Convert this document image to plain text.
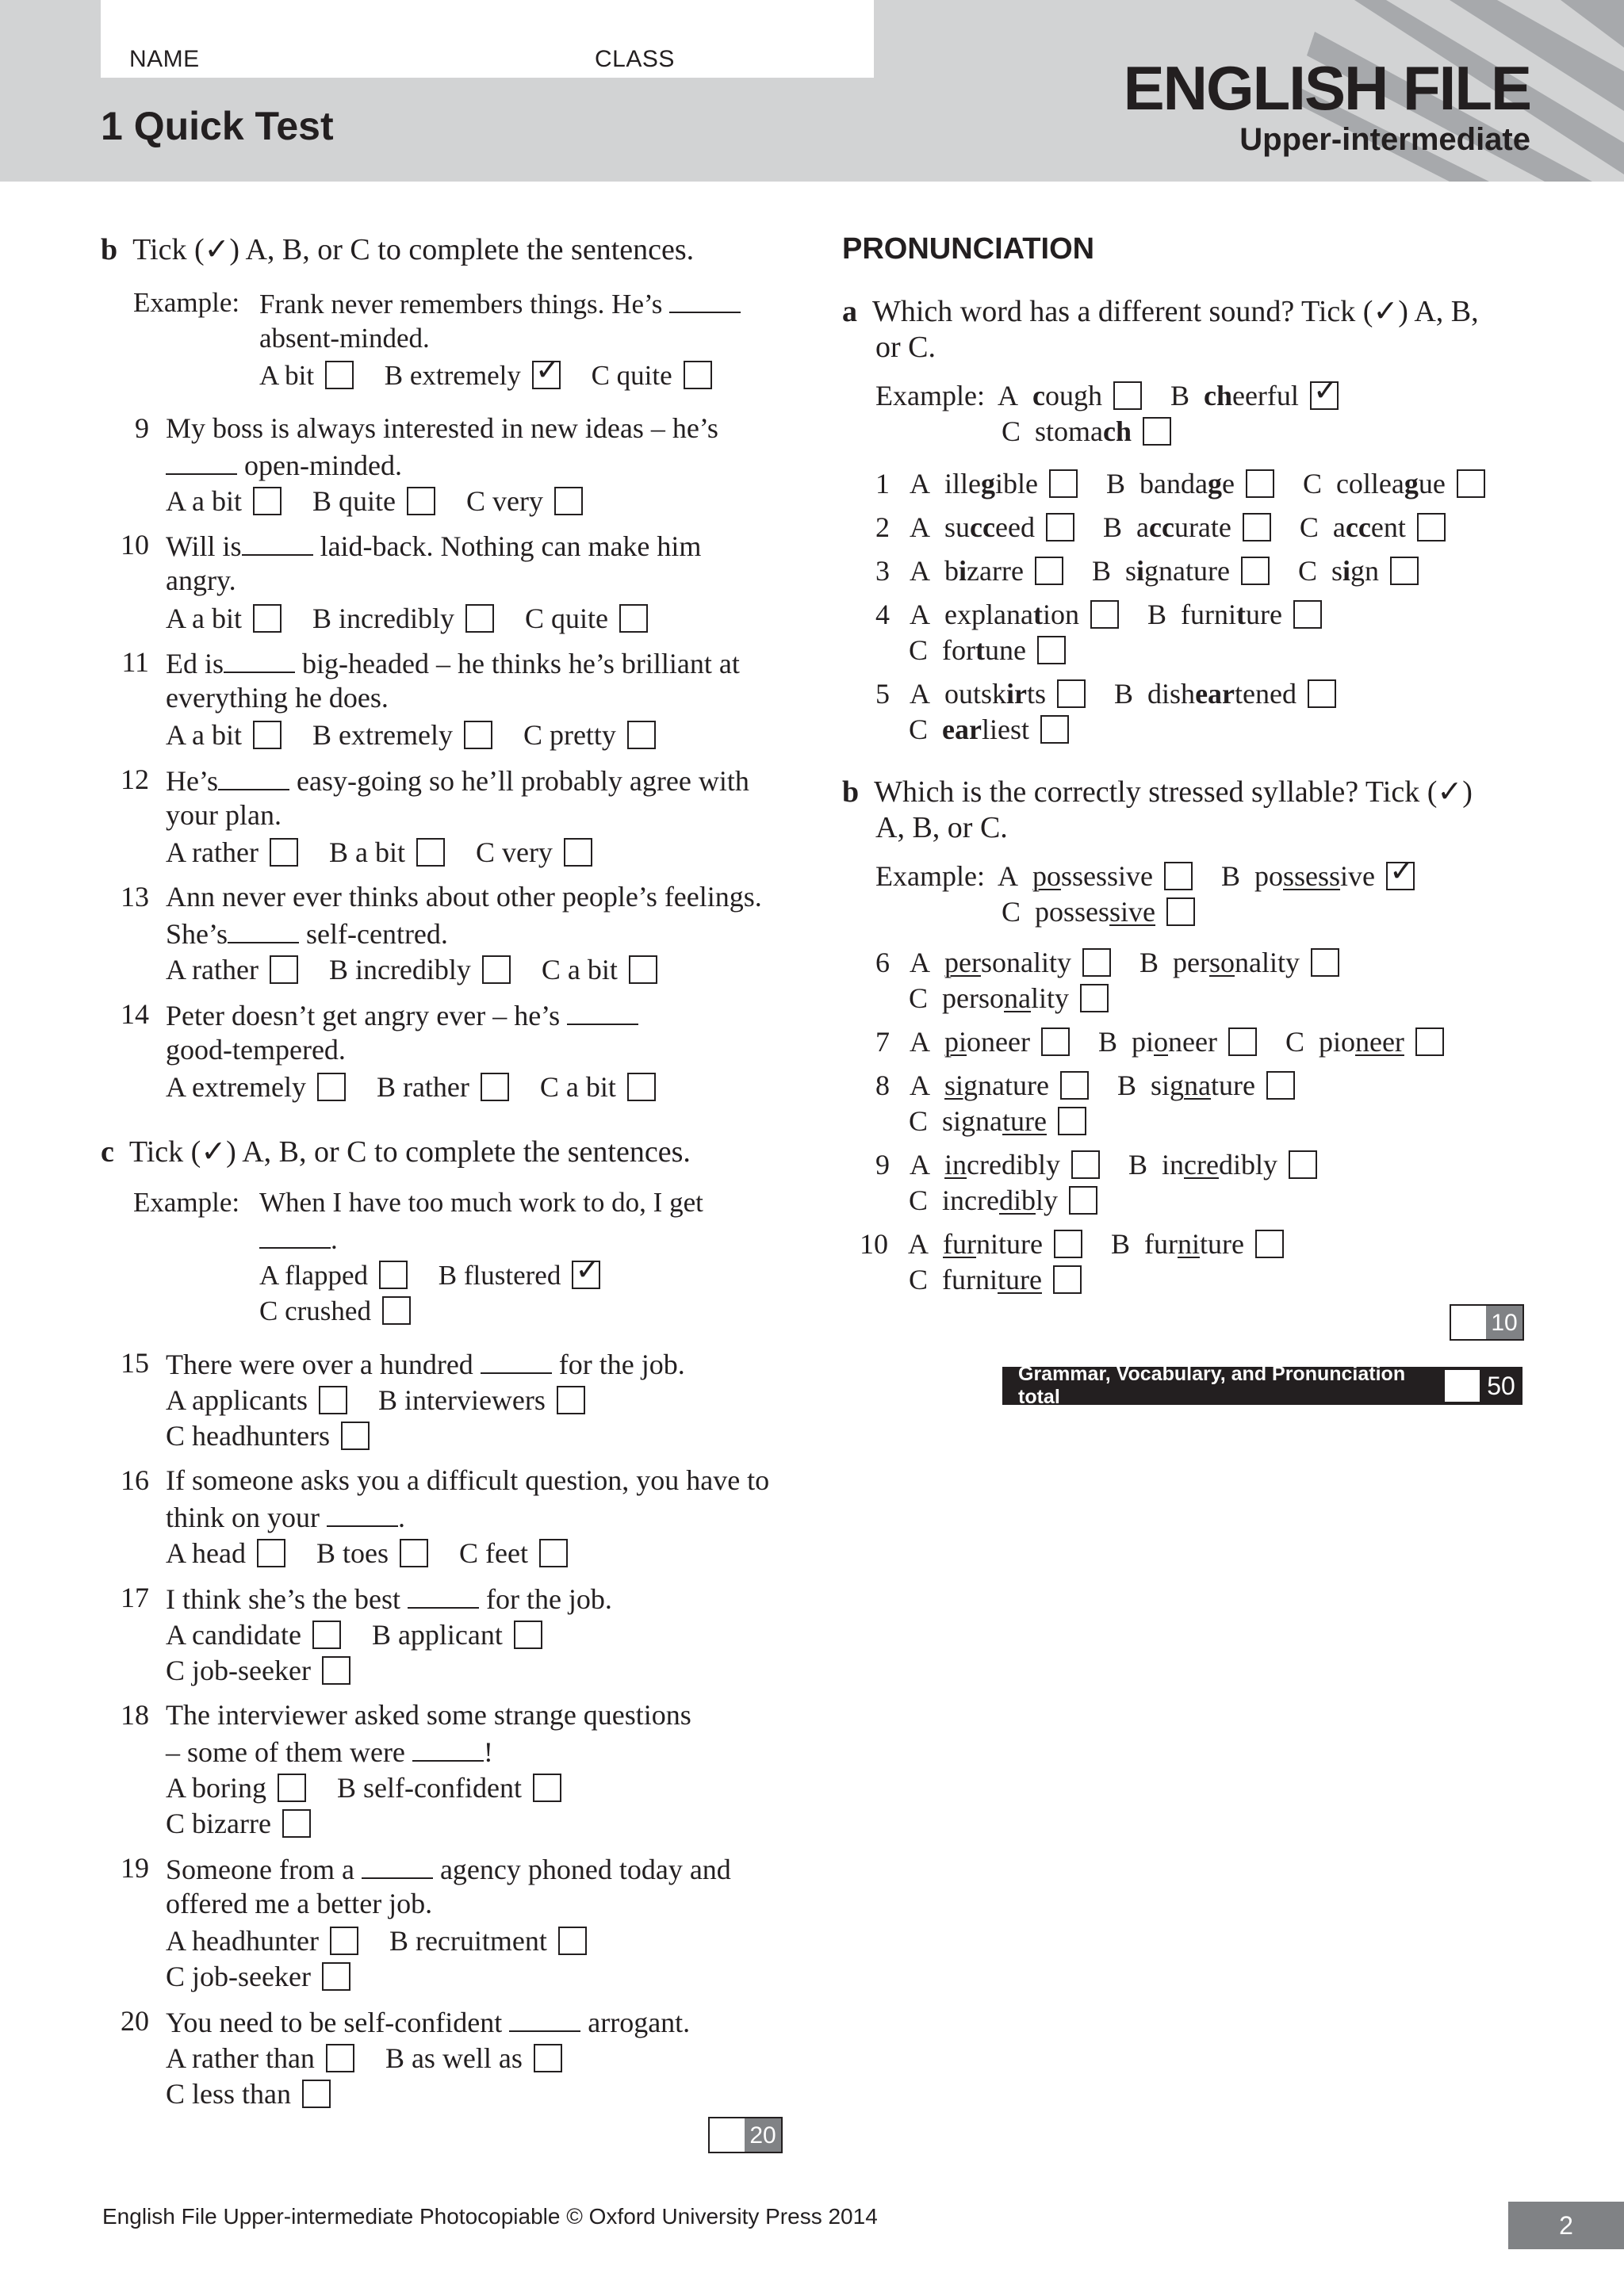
NAME	CLASS
1 Quick Test
ENGLISH FILE
Upper-intermediate
b Tick (✓) A, B, or C to complete the sentences.
Example: Frank never remembers things. He’s
absent-minded.
A bit	B extremely ✓ C quite
9 My boss is always interested in new ideas – he’s
open-minded.
A a bit B quite C very
10 Will is	laid-back. Nothing can make him
angry.
A a bit B incredibly C quite
11 Ed is	big-headed – he thinks he’s brilliant at
everything he does.
A a bit B extremely C pretty
12 He’s	easy-going so he’ll probably agree with
your plan.
A rather B a bit C very
13 Ann never ever thinks about other people’s feelings.
She’s	self-centred.
A rather B incredibly C a bit
14 Peter doesn’t get angry ever – he’s
good-tempered.
A extremely B rather C a bit
c Tick (✓) A, B, or C to complete the sentences.
Example: When I have too much work to do, I get
.
A flapped	B flustered ✓
C crushed
15 There were over a hundred	for the job.
A applicants B interviewers
C headhunters
16 If someone asks you a difficult question, you have to
think on your	.
A head B toes C feet
17 I think she’s the best	for the job.
A candidate B applicant
C job-seeker
18 The interviewer asked some strange questions
– some of them were	!
A boring B self-confident
C bizarre
19 Someone from a	agency phoned today and
offered me a better job.
A headhunter B recruitment
C job-seeker
20 You need to be self-confident	arrogant.
A rather than B as well as
C less than
20
PRONUNCIATION
a Which word has a different sound? Tick (✓) A, B,
or C.
Example:  A  cough    B  cheerful ✓
C  stomach
1   A  illegible    B  bandage    C  colleague
2   A  succeed    B  accurate    C  accent
3   A  bizarre    B  signature    C  sign
4   A  explanation    B  furniture
C  fortune
5   A  outskirts    B  disheartened
C  earliest
b Which is the correctly stressed syllable? Tick (✓)
A, B, or C.
Example:  A  possessive    B  possessive ✓
C  possessive
6   A  personality    B  personality
C  personality
7   A  pioneer    B  pioneer    C  pioneer
8   A  signature    B  signature
C  signature
9   A  incredibly    B  incredibly
C  incredibly
10   A  furniture    B  furniture
C  furniture
10
Grammar, Vocabulary, and Pronunciation total	50
English File Upper-intermediate Photocopiable © Oxford University Press 2014	2
